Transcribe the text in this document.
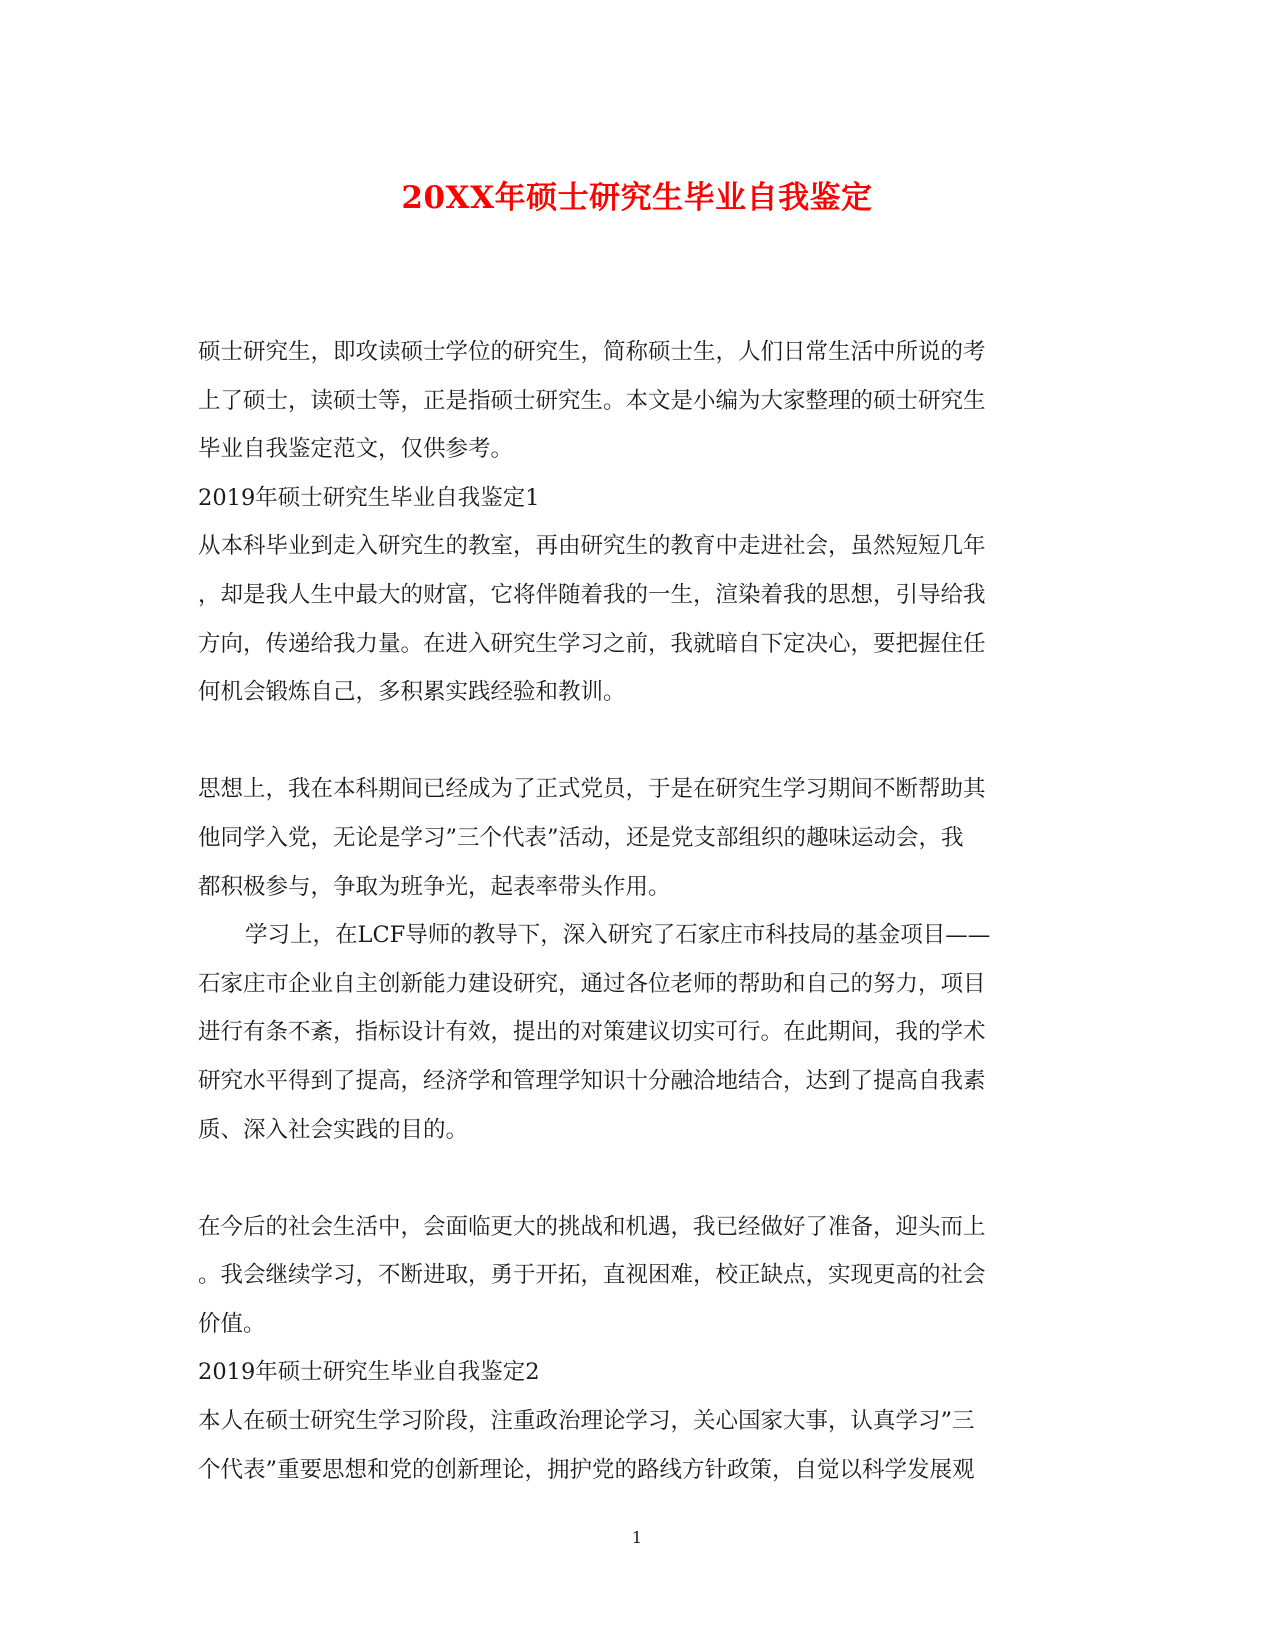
20XX年硕士研究生毕业自我鉴定

硕士研究生，即攻读硕士学位的研究生，简称硕士生，人们日常生活中所说的考

上了硕士，读硕士等，正是指硕士研究生。本文是小编为大家整理的硕士研究生

毕业自我鉴定范文，仅供参考。

2019年硕士研究生毕业自我鉴定1

从本科毕业到走入研究生的教室，再由研究生的教育中走进社会，虽然短短几年

，却是我人生中最大的财富，它将伴随着我的一生，渲染着我的思想，引导给我

方向，传递给我力量。在进入研究生学习之前，我就暗自下定决心，要把握住任

何机会锻炼自己，多积累实践经验和教训。

思想上，我在本科期间已经成为了正式党员，于是在研究生学习期间不断帮助其

他同学入党，无论是学习”三个代表”活动，还是党支部组织的趣味运动会，我

都积极参与，争取为班争光，起表率带头作用。

学习上，在LCF导师的教导下，深入研究了石家庄市科技局的基金项目——

石家庄市企业自主创新能力建设研究，通过各位老师的帮助和自己的努力，项目

进行有条不紊，指标设计有效，提出的对策建议切实可行。在此期间，我的学术

研究水平得到了提高，经济学和管理学知识十分融洽地结合，达到了提高自我素

质、深入社会实践的目的。

在今后的社会生活中，会面临更大的挑战和机遇，我已经做好了准备，迎头而上

。我会继续学习，不断进取，勇于开拓，直视困难，校正缺点，实现更高的社会

价值。

2019年硕士研究生毕业自我鉴定2

本人在硕士研究生学习阶段，注重政治理论学习，关心国家大事，认真学习”三

个代表”重要思想和党的创新理论，拥护党的路线方针政策，自觉以科学发展观

1
